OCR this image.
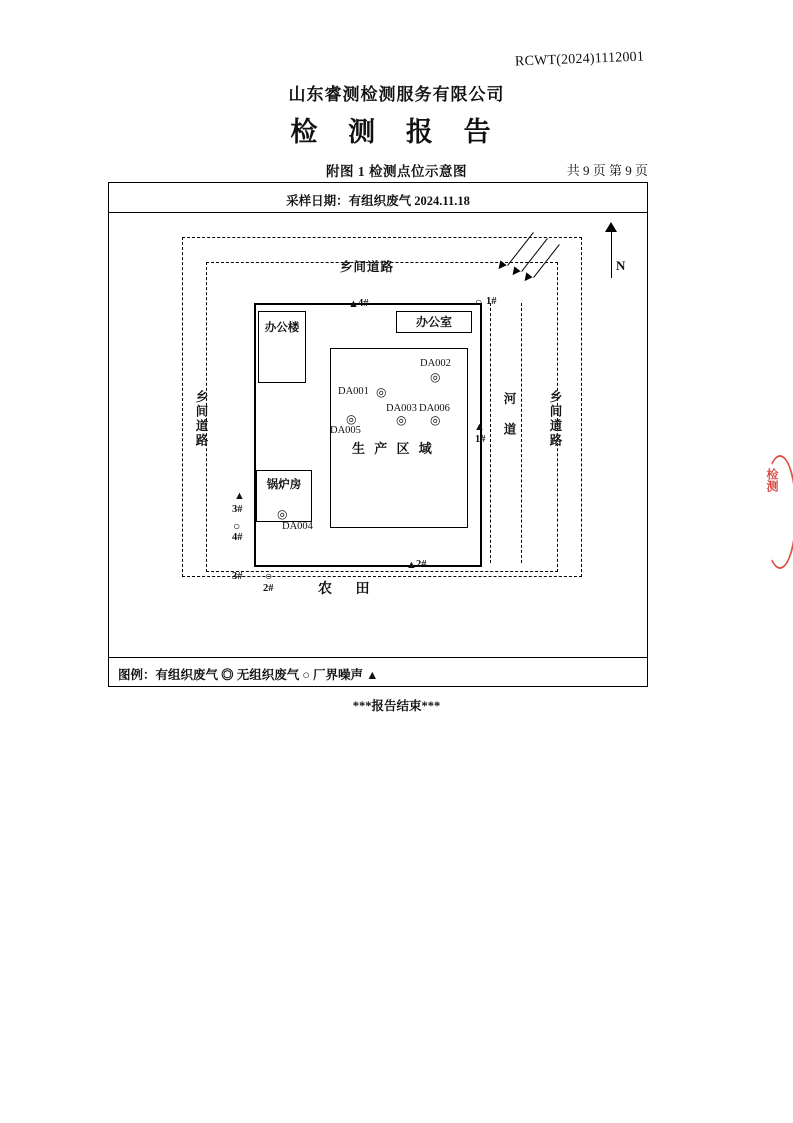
RCWT(2024)1112001
山东睿测检测服务有限公司
检 测 报 告
附图 1 检测点位示意图	共 9 页 第 9 页
采样日期：有组织废气 2024.11.18
办公楼	办公室
锅炉房
乡间道路
乡间道路	乡间道路
河 道
生 产 区 域
农 田
N
▲ 4#	○ 1#
DA002
◎
DA001 ◎
DA003 DA006
◎ ◎
◎
DA005
◎
DA004
▲
1#
▲ 2#
▲
3#
○
4#
3# ○
2#
图例：有组织废气 ◎ 无组织废气 ○ 厂界噪声 ▲
***报告结束***
检测
